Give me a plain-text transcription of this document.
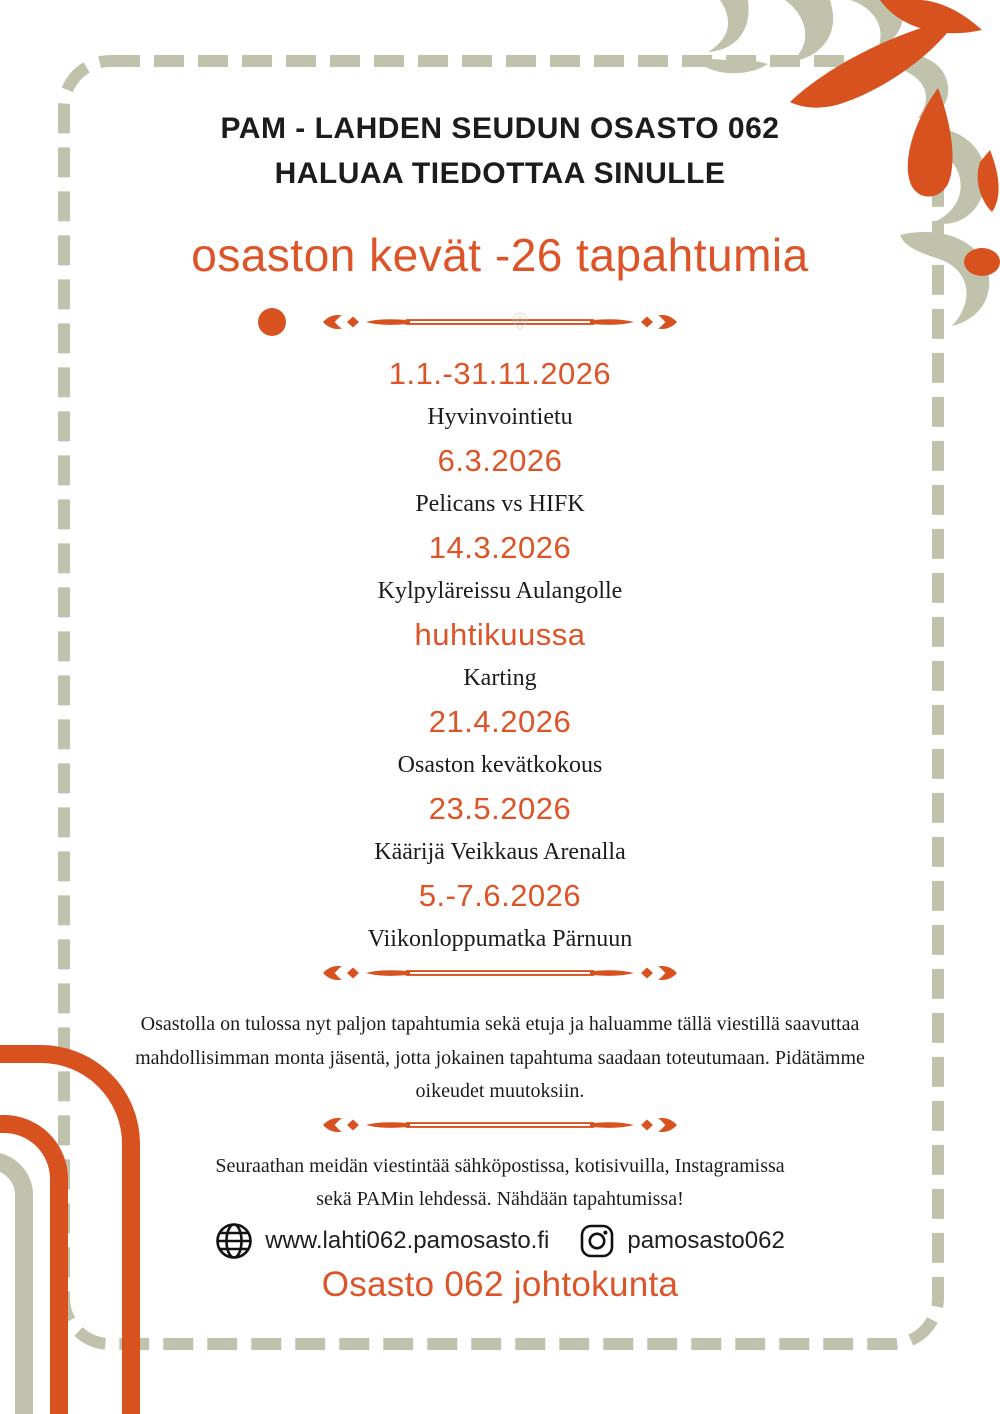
PAM - LAHDEN SEUDUN OSASTO 062
HALUAA TIEDOTTAA SINULLE
osaston kevät -26 tapahtumia
1.1.-31.11.2026
Hyvinvointietu
6.3.2026
Pelicans vs HIFK
14.3.2026
Kylpyläreissu Aulangolle
huhtikuussa
Karting
21.4.2026
Osaston kevätkokous
23.5.2026
Käärijä Veikkaus Arenalla
5.-7.6.2026
Viikonloppumatka Pärnuun
Osastolla on tulossa nyt paljon tapahtumia sekä etuja ja haluamme tällä viestillä saavuttaa mahdollisimman monta jäsentä, jotta jokainen tapahtuma saadaan toteutumaan. Pidätämme oikeudet muutoksiin.
Seuraathan meidän viestintää sähköpostissa, kotisivuilla, Instagramissa sekä PAMin lehdessä. Nähdään tapahtumissa!
www.lahti062.pamosasto.fi	pamosasto062
Osasto 062 johtokunta
